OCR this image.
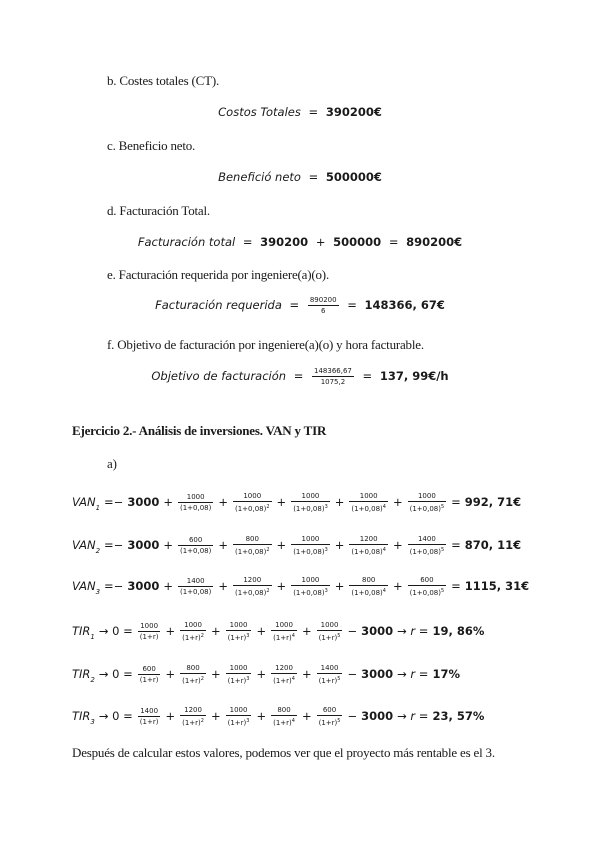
b. Costes totales (CT).
Costos Totales = 390200€
c. Beneficio neto.
Benefició neto = 500000€
d. Facturación Total.
Facturación total = 390200 + 500000 = 890200€
e. Facturación requerida por ingeniere(a)(o).
Facturación requerida = $\frac{890200}{6} = 148366$, 67€
f. Objetivo de facturación por ingeniere(a)(o) y hora facturable.
Objetivo de facturación = $\frac{148366,67}{1075,2} = 137$, 99€/h
Ejercicio 2.- Análisis de inversiones. VAN y TIR
a)
$VAN_1 =- 3000 + \frac{1000}{(1+0,08)} + \frac{1000}{(1+0,08)^2} + \frac{1000}{(1+0,08)^3} + \frac{1000}{(1+0,08)^4} + \frac{1000}{(1+0,08)^5} = 992$, 71€
$VAN_2 =- 3000 + \frac{600}{(1+0,08)} + \frac{800}{(1+0,08)^2} + \frac{1000}{(1+0,08)^3} + \frac{1200}{(1+0,08)^4} + \frac{1400}{(1+0,08)^5} = 870$, 11€
$VAN_3 =- 3000 + \frac{1400}{(1+0,08)} + \frac{1200}{(1+0,08)^2} + \frac{1000}{(1+0,08)^3} + \frac{800}{(1+0,08)^4} + \frac{600}{(1+0,08)^5} = 1115$, 31€
$TIR_1 \to 0 = \frac{1000}{(1+r)} + \frac{1000}{(1+r)^2} + \frac{1000}{(1+r)^3} + \frac{1000}{(1+r)^4} + \frac{1000}{(1+r)^5} - 3000 \to r = 19$, 86%
$TIR_2 \to 0 = \frac{600}{(1+r)} + \frac{800}{(1+r)^2} + \frac{1000}{(1+r)^3} + \frac{1200}{(1+r)^4} + \frac{1400}{(1+r)^5} - 3000 \to r = 17\%$
$TIR_3 \to 0 = \frac{1400}{(1+r)} + \frac{1200}{(1+r)^2} + \frac{1000}{(1+r)^3} + \frac{800}{(1+r)^4} + \frac{600}{(1+r)^5} - 3000 \to r = 23$, 57%
Después de calcular estos valores, podemos ver que el proyecto más rentable es el 3.
